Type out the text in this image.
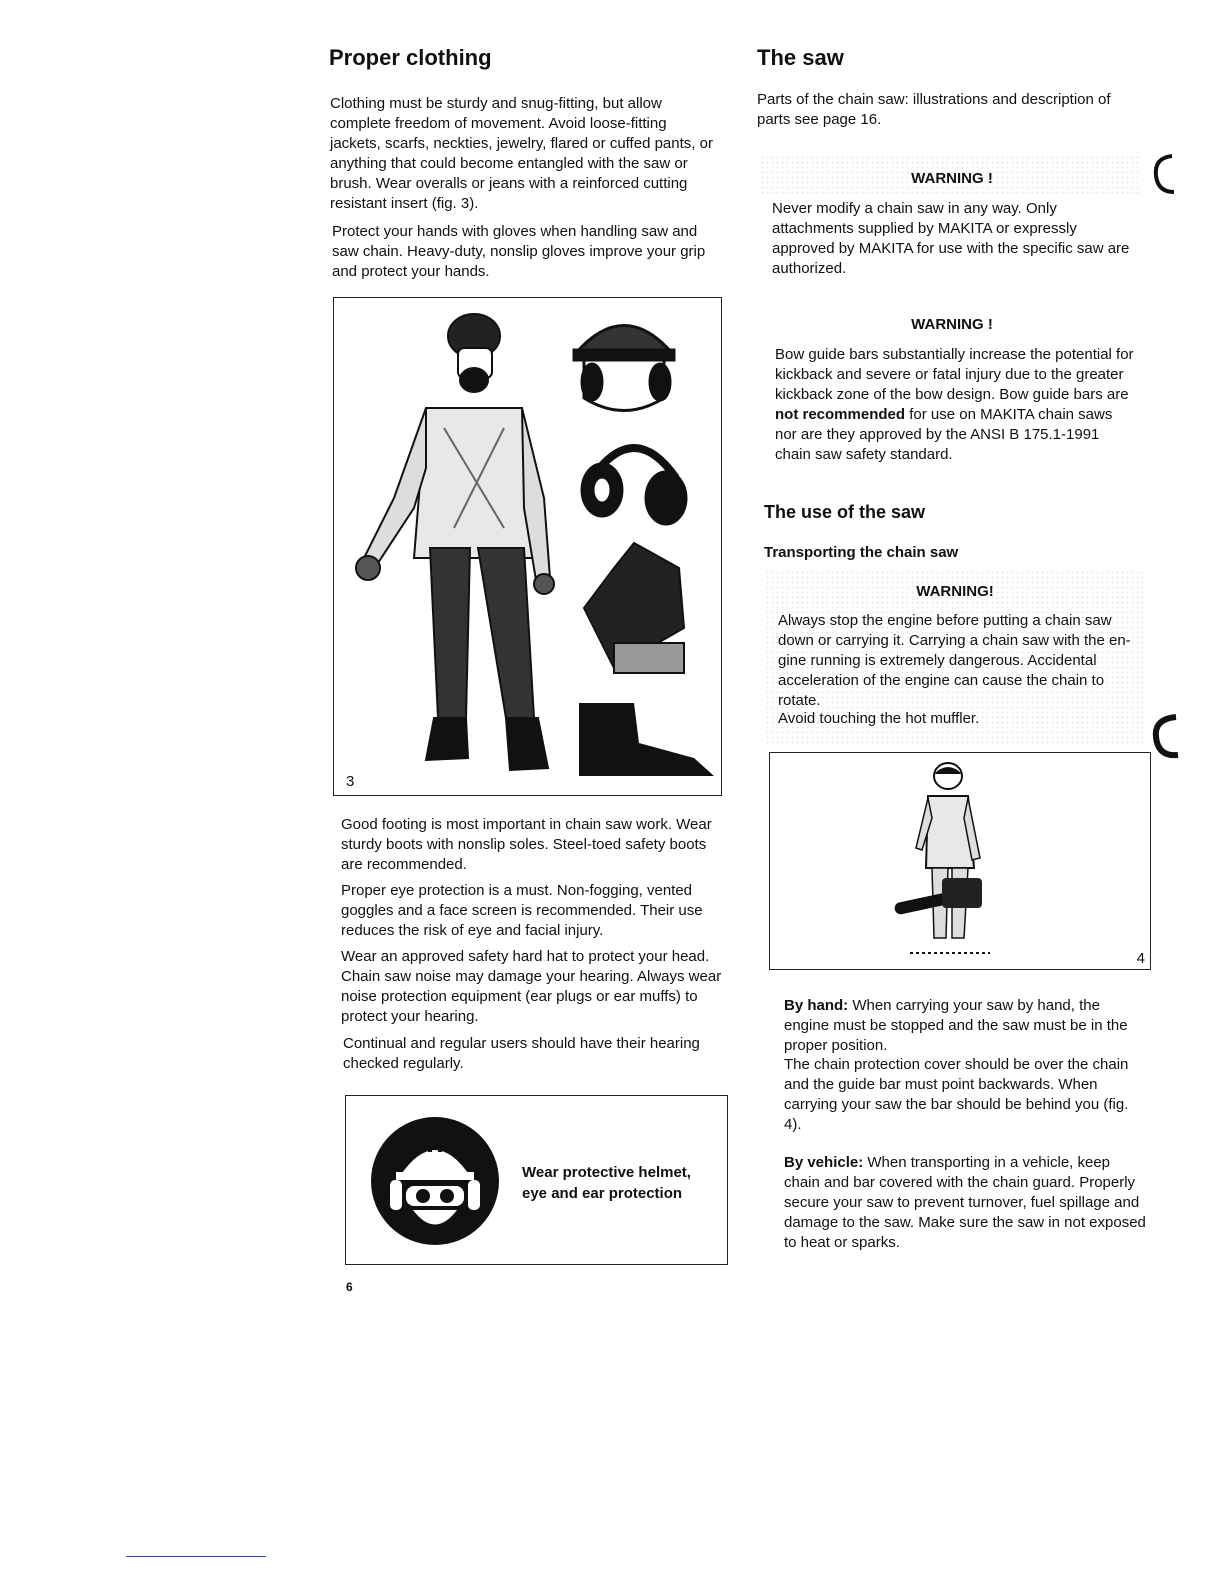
Proper clothing

Clothing must be sturdy and snug-fitting, but allow complete freedom of movement. Avoid loose-fitting jackets, scarfs, neckties, jewelry, flared or cuffed pants, or anything that could become entangled with the saw or brush. Wear overalls or jeans with a reinforced cutting resistant insert (fig. 3).

Protect your hands with gloves when handling saw and saw chain. Heavy-duty, nonslip gloves improve your grip and protect your hands.

3

Good footing is most important in chain saw work. Wear sturdy boots with nonslip soles. Steel-toed safety boots are recommended.

Proper eye protection is a must. Non-fogging, vented goggles and a face screen is recommended. Their use reduces the risk of eye and facial injury.

Wear an approved safety hard hat to protect your head. Chain saw noise may damage your hearing. Always wear noise protection equipment (ear plugs or ear muffs) to protect your hearing.

Continual and regular users should have their hearing checked regularly.

Wear protective helmet,
eye and ear protection
6
The saw

Parts of the chain saw: illustrations and description of parts see page 16.

WARNING !

Never modify a chain saw in any way. Only attachments supplied by MAKITA or expressly approved by MAKITA for use with the specific saw are authorized.

WARNING !

Bow guide bars substantially increase the potential for kickback and severe or fatal injury due to the greater kickback zone of the bow design. Bow guide bars are not recommended for use on MAKITA chain saws nor are they approved by the ANSI B 175.1-1991 chain saw safety standard.

The use of the saw
Transporting the chain saw
WARNING!

Always stop the engine before putting a chain saw down or carrying it. Carrying a chain saw with the en-gine running is extremely dangerous. Accidental acceleration of the engine can cause the chain to rotate.

Avoid touching the hot muffler.

4

By hand: When carrying your saw by hand, the engine must be stopped and the saw must be in the proper position.

The chain protection cover should be over the chain and the guide bar must point backwards. When carrying your saw the bar should be behind you (fig. 4).

By vehicle: When transporting in a vehicle, keep chain and bar covered with the chain guard. Properly secure your saw to prevent turnover, fuel spillage and damage to the saw. Make sure the saw in not exposed to heat or sparks.
